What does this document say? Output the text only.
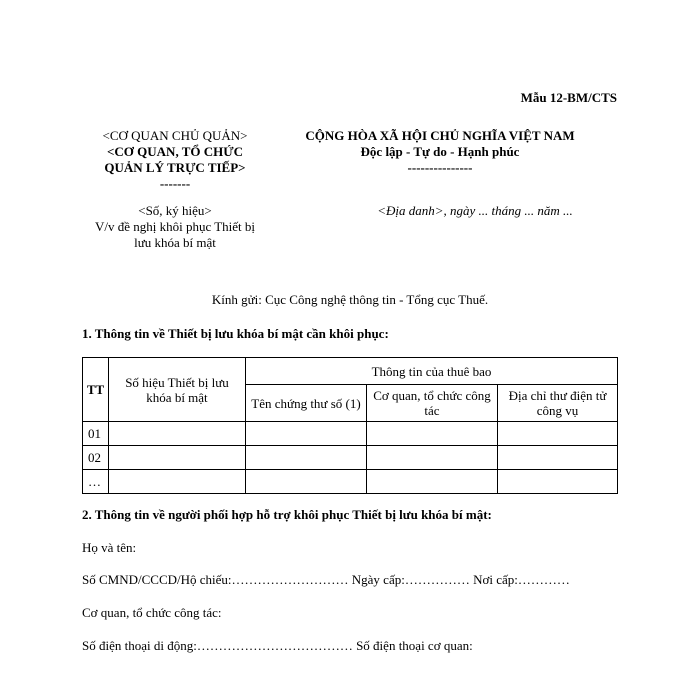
Mẫu 12-BM/CTS
<CƠ QUAN CHỦ QUẢN>
<CƠ QUAN, TỔ CHỨC
QUẢN LÝ TRỰC TIẾP>
-------
CỘNG HÒA XÃ HỘI CHỦ NGHĨA VIỆT NAM
Độc lập - Tự do - Hạnh phúc
---------------
<Số, ký hiệu>
V/v đề nghị khôi phục Thiết bị
lưu khóa bí mật
<Địa danh>, ngày ... tháng ... năm ...
Kính gửi: Cục Công nghệ thông tin - Tổng cục Thuế.
1. Thông tin về Thiết bị lưu khóa bí mật cần khôi phục:
TT	Số hiệu Thiết bị lưu khóa bí mật	Thông tin của thuê bao		
		Tên chứng thư số (1)	Cơ quan, tổ chức công tác	Địa chỉ thư điện tử công vụ
01				
02				
…				
2. Thông tin về người phối hợp hỗ trợ khôi phục Thiết bị lưu khóa bí mật:
Họ và tên:
Số CMND/CCCD/Hộ chiếu:……………………… Ngày cấp:…………… Nơi cấp:…………
Cơ quan, tổ chức công tác:
Số điện thoại di động:……………………………… Số điện thoại cơ quan:
